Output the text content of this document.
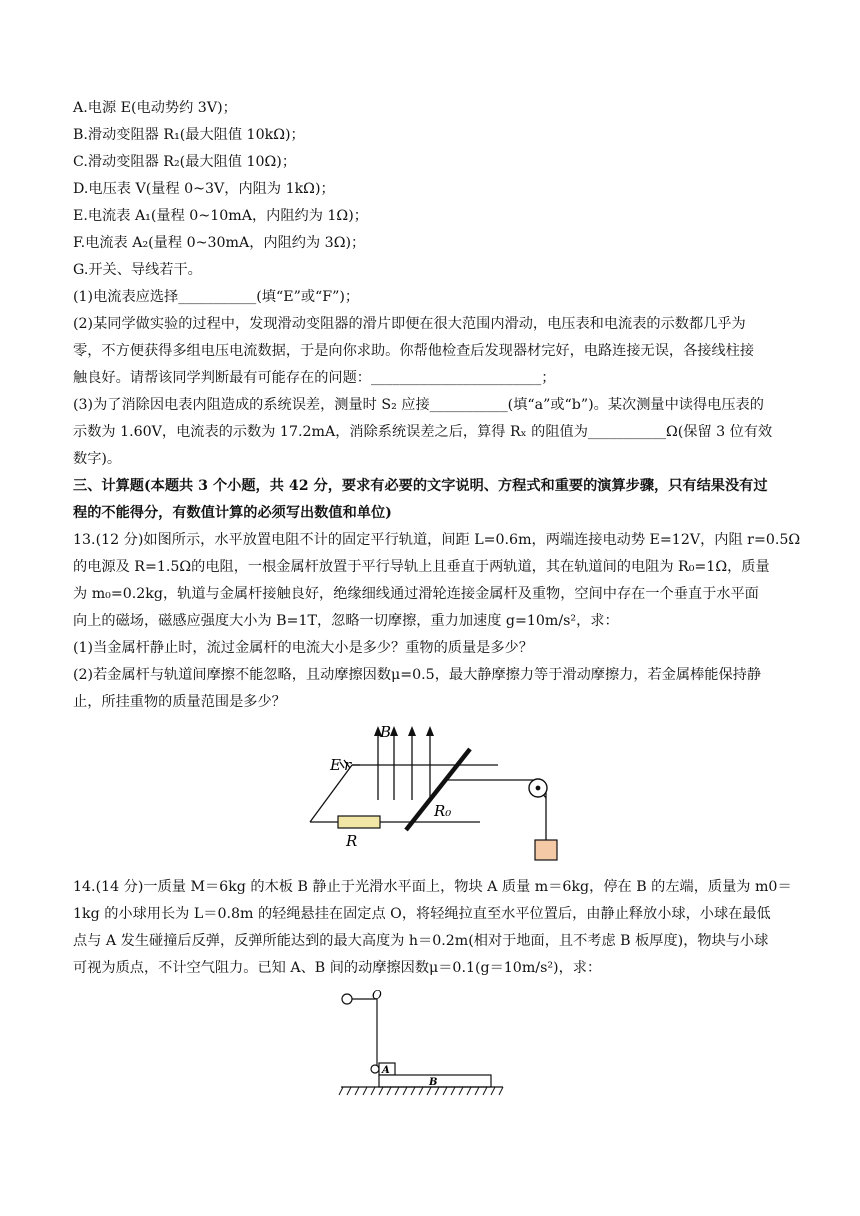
A.电源 E(电动势约 3V)；
B.滑动变阻器 R₁(最大阻值 10kΩ)；
C.滑动变阻器 R₂(最大阻值 10Ω)；
D.电压表 V(量程 0~3V，内阻为 1kΩ)；
E.电流表 A₁(量程 0~10mA，内阻约为 1Ω)；
F.电流表 A₂(量程 0~30mA，内阻约为 3Ω)；
G.开关、导线若干。
(1)电流表应选择___________(填“E”或“F”)；
(2)某同学做实验的过程中，发现滑动变阻器的滑片即便在很大范围内滑动，电压表和电流表的示数都几乎为
零，不方便获得多组电压电流数据，于是向你求助。你帮他检查后发现器材完好，电路连接无误，各接线柱接
触良好。请帮该同学判断最有可能存在的问题：________________________；
(3)为了消除因电表内阻造成的系统误差，测量时 S₂ 应接___________(填“a”或“b”)。某次测量中读得电压表的
示数为 1.60V，电流表的示数为 17.2mA，消除系统误差之后，算得 Rₓ 的阻值为___________Ω(保留 3 位有效
数字)。
三、计算题(本题共 3 个小题，共 42 分，要求有必要的文字说明、方程式和重要的演算步骤，只有结果没有过
程的不能得分，有数值计算的必须写出数值和单位)
13.(12 分)如图所示，水平放置电阻不计的固定平行轨道，间距 L=0.6m，两端连接电动势 E=12V，内阻 r=0.5Ω
的电源及 R=1.5Ω的电阻，一根金属杆放置于平行导轨上且垂直于两轨道，其在轨道间的电阻为 R₀=1Ω，质量
为 m₀=0.2kg，轨道与金属杆接触良好，绝缘细线通过滑轮连接金属杆及重物，空间中存在一个垂直于水平面
向上的磁场，磁感应强度大小为 B=1T，忽略一切摩擦，重力加速度 g=10m/s²，求：
(1)当金属杆静止时，流过金属杆的电流大小是多少？重物的质量是多少？
(2)若金属杆与轨道间摩擦不能忽略，且动摩擦因数μ=0.5，最大静摩擦力等于滑动摩擦力，若金属棒能保持静
止，所挂重物的质量范围是多少？
B
E r
R₀
R
14.(14 分)一质量 M＝6kg 的木板 B 静止于光滑水平面上，物块 A 质量 m＝6kg，停在 B 的左端，质量为 m0＝
1kg 的小球用长为 L＝0.8m 的轻绳悬挂在固定点 O，将轻绳拉直至水平位置后，由静止释放小球，小球在最低
点与 A 发生碰撞后反弹，反弹所能达到的最大高度为 h＝0.2m(相对于地面，且不考虑 B 板厚度)，物块与小球
可视为质点，不计空气阻力。已知 A、B 间的动摩擦因数μ＝0.1(g＝10m/s²)，求：
O
A
B
